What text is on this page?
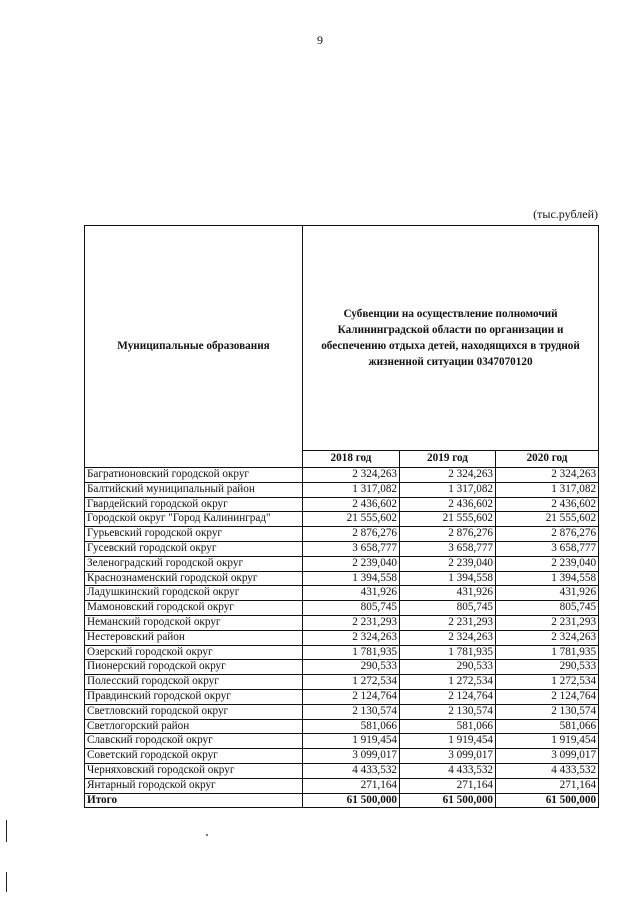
9
(тыс.рублей)
Муниципальные образования	Субвенции на осуществление полномочий Калининградской области по организации и обеспечению отдыха детей, находящихся в трудной жизненной ситуации 0347070120		
	2018 год	2019 год	2020 год
Багратионовский городской округ	2 324,263	2 324,263	2 324,263
Балтийский муниципальный район	1 317,082	1 317,082	1 317,082
Гвардейский городской округ	2 436,602	2 436,602	2 436,602
Городской округ "Город Калининград"	21 555,602	21 555,602	21 555,602
Гурьевский городской округ	2 876,276	2 876,276	2 876,276
Гусевский городской округ	3 658,777	3 658,777	3 658,777
Зеленоградский городской округ	2 239,040	2 239,040	2 239,040
Краснознаменский городской округ	1 394,558	1 394,558	1 394,558
Ладушкинский городской округ	431,926	431,926	431,926
Мамоновский городской округ	805,745	805,745	805,745
Неманский городской округ	2 231,293	2 231,293	2 231,293
Нестеровский район	2 324,263	2 324,263	2 324,263
Озерский городской округ	1 781,935	1 781,935	1 781,935
Пионерский городской округ	290,533	290,533	290,533
Полесский городской округ	1 272,534	1 272,534	1 272,534
Правдинский городской округ	2 124,764	2 124,764	2 124,764
Светловский городской округ	2 130,574	2 130,574	2 130,574
Светлогорский район	581,066	581,066	581,066
Славский городской округ	1 919,454	1 919,454	1 919,454
Советский городской округ	3 099,017	3 099,017	3 099,017
Черняховский городской округ	4 433,532	4 433,532	4 433,532
Янтарный городской округ	271,164	271,164	271,164
Итого	61 500,000	61 500,000	61 500,000
